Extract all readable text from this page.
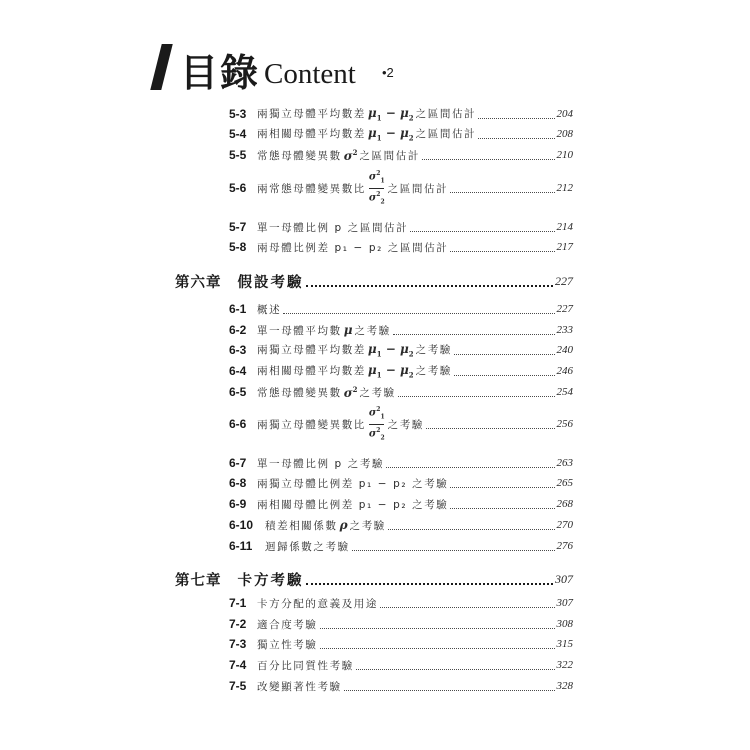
目錄 Content •2
5-3	兩獨立母體平均數差 $\mu_1 - \mu_2$ 之區間估計	204
5-4	兩相關母體平均數差 $\mu_1 - \mu_2$ 之區間估計	208
5-5	常態母體變異數 $\sigma^2$ 之區間估計	210
5-6	兩常態母體變異數比 $\frac{\sigma^2_1}{\sigma^2_2}$ 之區間估計	212
5-7	單一母體比例 p 之區間估計	214
5-8	兩母體比例差 p₁ − p₂ 之區間估計	217
第六章 假設考驗	227
6-1	概述	227
6-2	單一母體平均數 μ 之考驗	233
6-3	兩獨立母體平均數差 $\mu_1 - \mu_2$ 之考驗	240
6-4	兩相關母體平均數差 $\mu_1 - \mu_2$ 之考驗	246
6-5	常態母體變異數 $\sigma^2$ 之考驗	254
6-6	兩獨立母體變異數比 $\frac{\sigma^2_1}{\sigma^2_2}$ 之考驗	256
6-7	單一母體比例 p 之考驗	263
6-8	兩獨立母體比例差 p₁ − p₂ 之考驗	265
6-9	兩相關母體比例差 p₁ − p₂ 之考驗	268
6-10	積差相關係數 ρ 之考驗	270
6-11	迴歸係數之考驗	276
第七章 卡方考驗	307
7-1	卡方分配的意義及用途	307
7-2	適合度考驗	308
7-3	獨立性考驗	315
7-4	百分比同質性考驗	322
7-5	改變顯著性考驗	328
